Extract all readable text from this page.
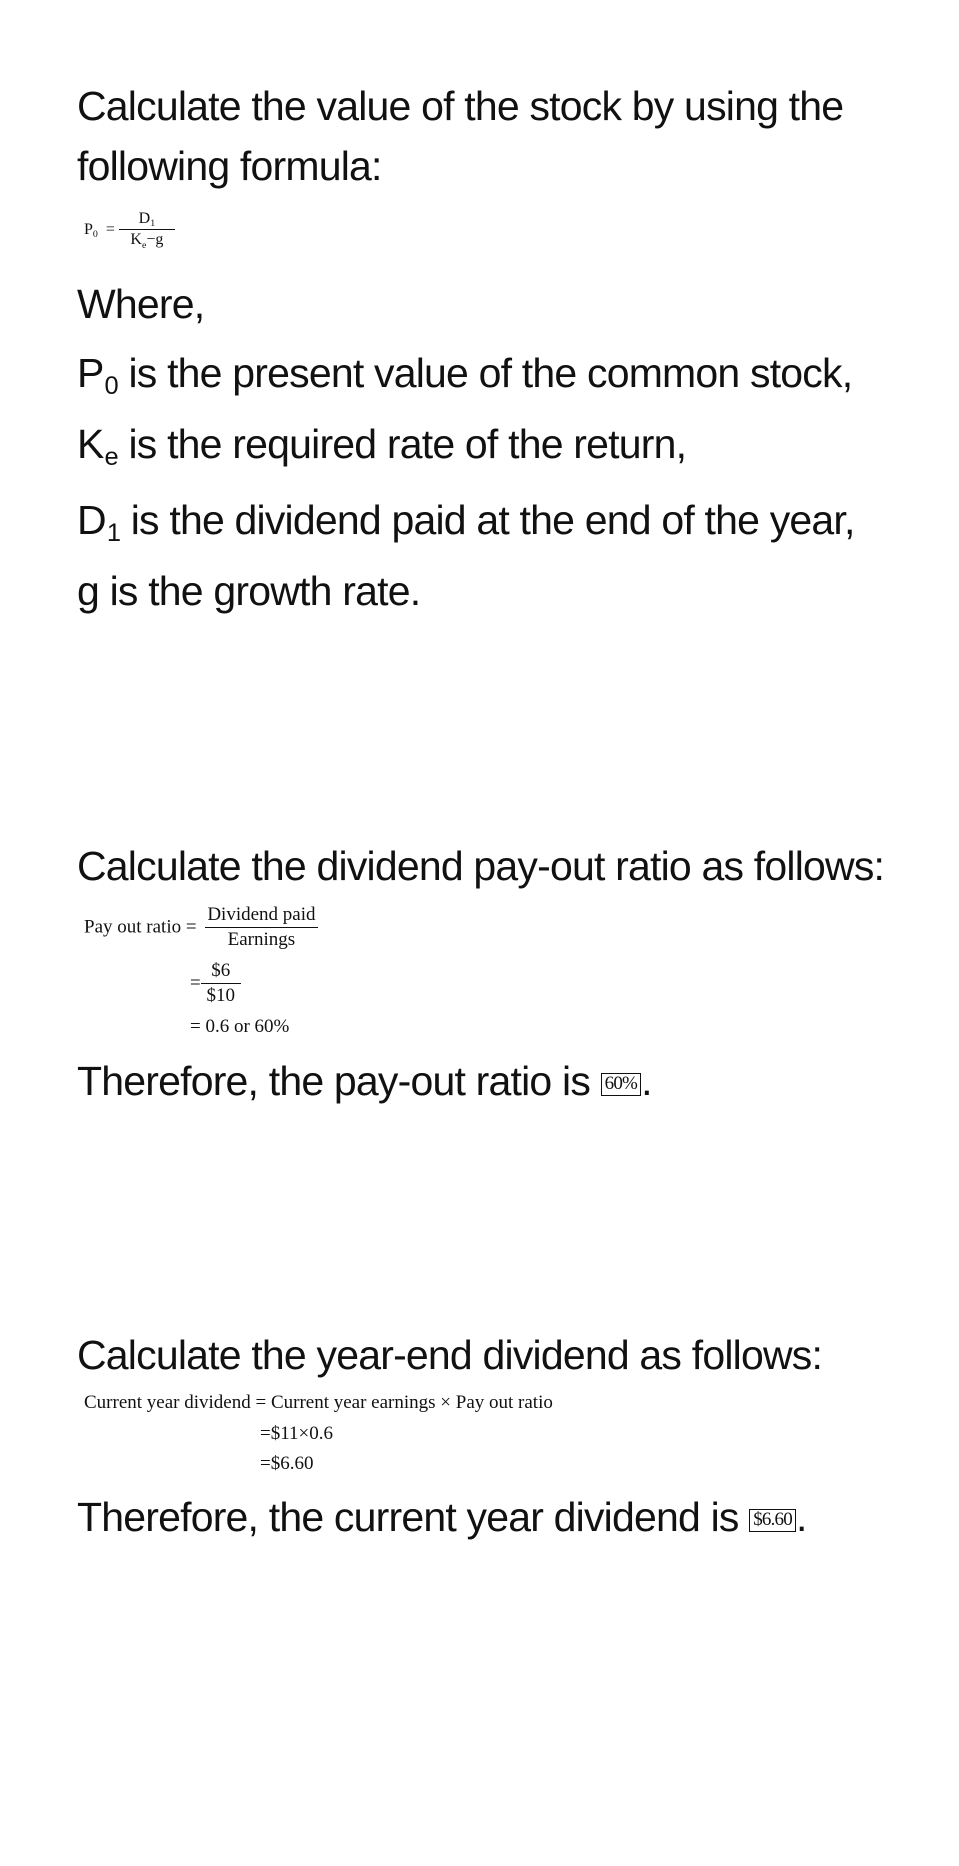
Calculate the value of the stock by using the
following formula:
$P0 = \frac{D1}{Ke-g}$
Where,
P0 is the present value of the common stock,
Ke is the required rate of the return,
D1 is the dividend paid at the end of the year,
g is the growth rate.
Calculate the dividend pay-out ratio as follows:
Pay out ratio = $\frac{\text{Dividend paid}}{\text{Earnings}}$
= $\frac{\$6}{\$10}$
= 0.6 or 60%
Therefore, the pay-out ratio is 60%.
Calculate the year-end dividend as follows:
Current year dividend = Current year earnings × Pay out ratio
=$11×0.6
=$6.60
Therefore, the current year dividend is $6.60.
